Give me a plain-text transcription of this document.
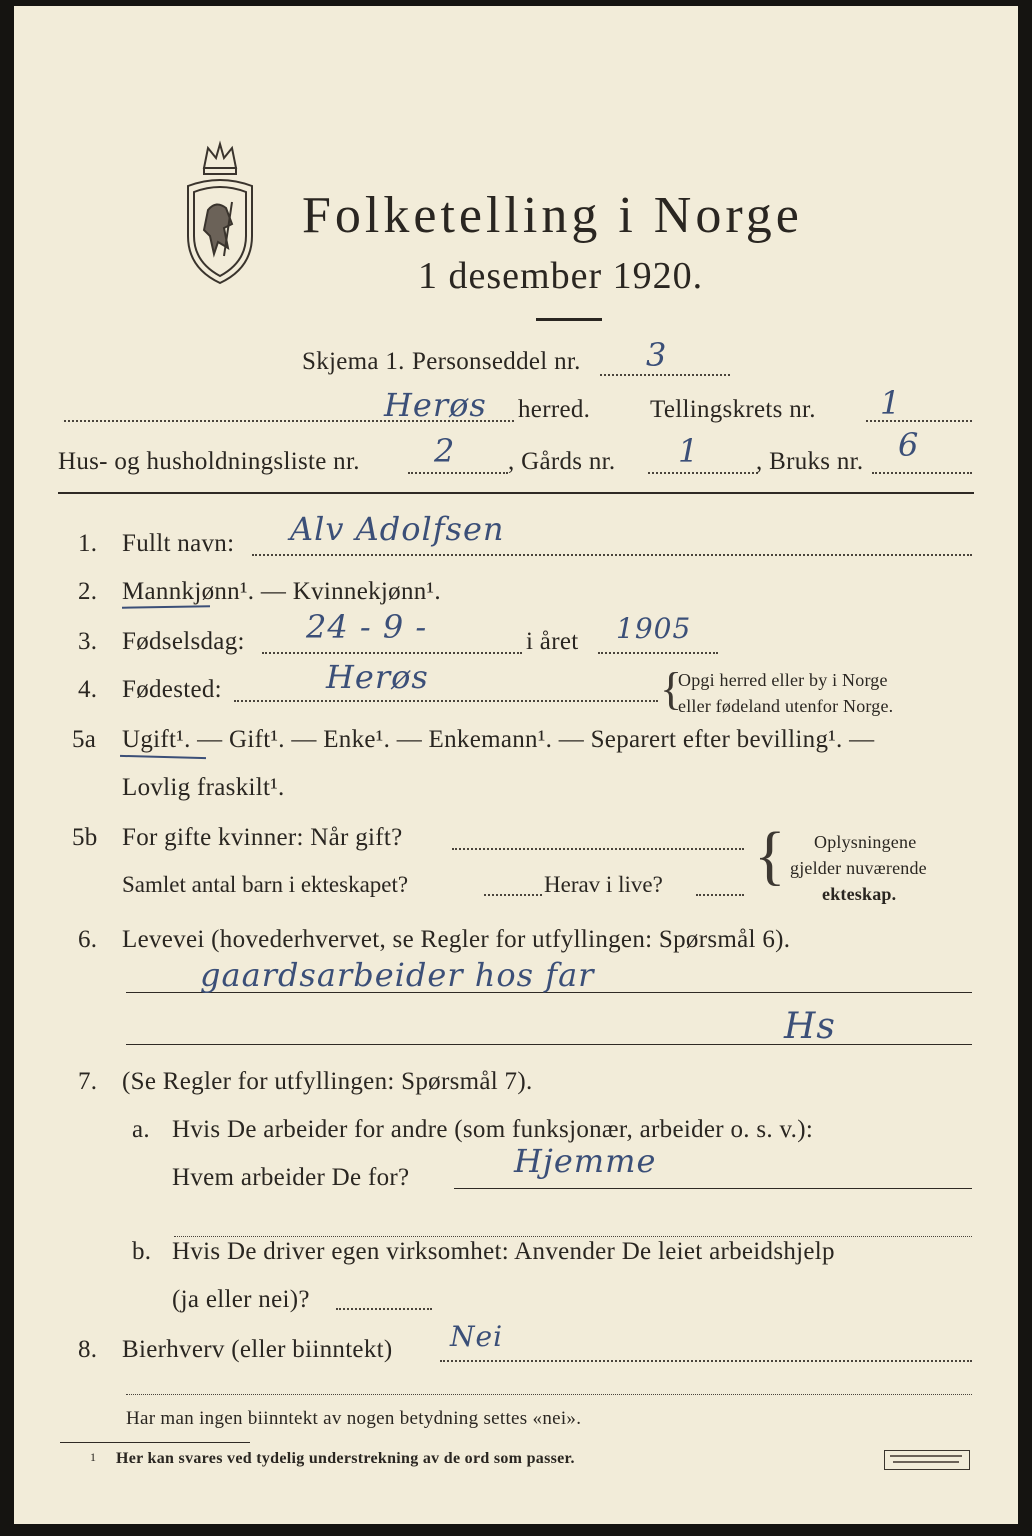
Folketelling i Norge
1 desember 1920.
Skjema 1. Personseddel nr. 3
Herøs herred. Tellingskrets nr. 1
Hus- og husholdningsliste nr. 2 , Gårds nr. 1 , Bruks nr. 6
1. Fullt navn: Alv Adolfsen
2. Mannkjønn¹. — Kvinnekjønn¹.
3. Fødselsdag: 24 - 9 -	i året 1905
4. Fødested:	Herøs	{
Opgi herred eller by i Norge
eller fødeland utenfor Norge.
5a Ugift¹. — Gift¹. — Enke¹. — Enkemann¹. — Separert efter bevilling¹. —
Lovlig fraskilt¹.
5b For gifte kvinner: Når gift?
Samlet antal barn i ekteskapet?	Herav i live? { Oplysningene
gjelder nuværende
ekteskap.
6. Levevei (hovederhvervet, se Regler for utfyllingen: Spørsmål 6).
gaardsarbeider hos far
Hs
7. (Se Regler for utfyllingen: Spørsmål 7).
a. Hvis De arbeider for andre (som funksjonær, arbeider o. s. v.):
Hvem arbeider De for?	Hjemme
b. Hvis De driver egen virksomhet: Anvender De leiet arbeidshjelp
(ja eller nei)?
8. Bierhverv (eller biinntekt) Nei
Har man ingen biinntekt av nogen betydning settes «nei».
1 Her kan svares ved tydelig understrekning av de ord som passer.
